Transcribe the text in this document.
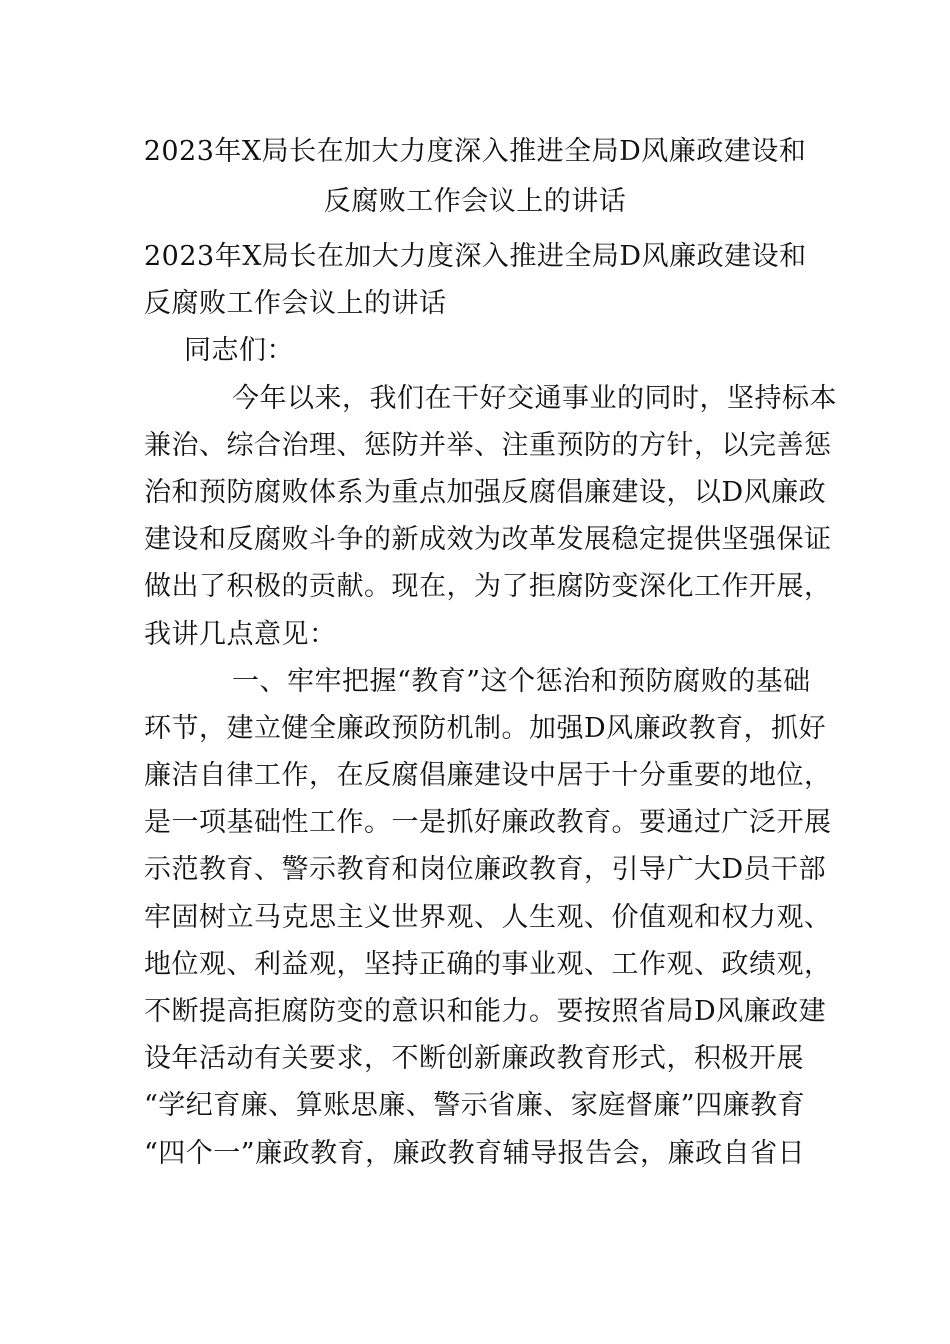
2023年X局长在加大力度深入推进全局D风廉政建设和
反腐败工作会议上的讲话
2023年X局长在加大力度深入推进全局D风廉政建设和
反腐败工作会议上的讲话
同志们：
今年以来，我们在干好交通事业的同时，坚持标本
兼治、综合治理、惩防并举、注重预防的方针，以完善惩
治和预防腐败体系为重点加强反腐倡廉建设，以D风廉政
建设和反腐败斗争的新成效为改革发展稳定提供坚强保证
做出了积极的贡献。现在，为了拒腐防变深化工作开展，
我讲几点意见：
一、牢牢把握“教育”这个惩治和预防腐败的基础
环节，建立健全廉政预防机制。加强D风廉政教育，抓好
廉洁自律工作，在反腐倡廉建设中居于十分重要的地位，
是一项基础性工作。一是抓好廉政教育。要通过广泛开展
示范教育、警示教育和岗位廉政教育，引导广大D员干部
牢固树立马克思主义世界观、人生观、价值观和权力观、
地位观、利益观，坚持正确的事业观、工作观、政绩观，
不断提高拒腐防变的意识和能力。要按照省局D风廉政建
设年活动有关要求，不断创新廉政教育形式，积极开展
“学纪育廉、算账思廉、警示省廉、家庭督廉”四廉教育
“四个一”廉政教育，廉政教育辅导报告会，廉政自省日
